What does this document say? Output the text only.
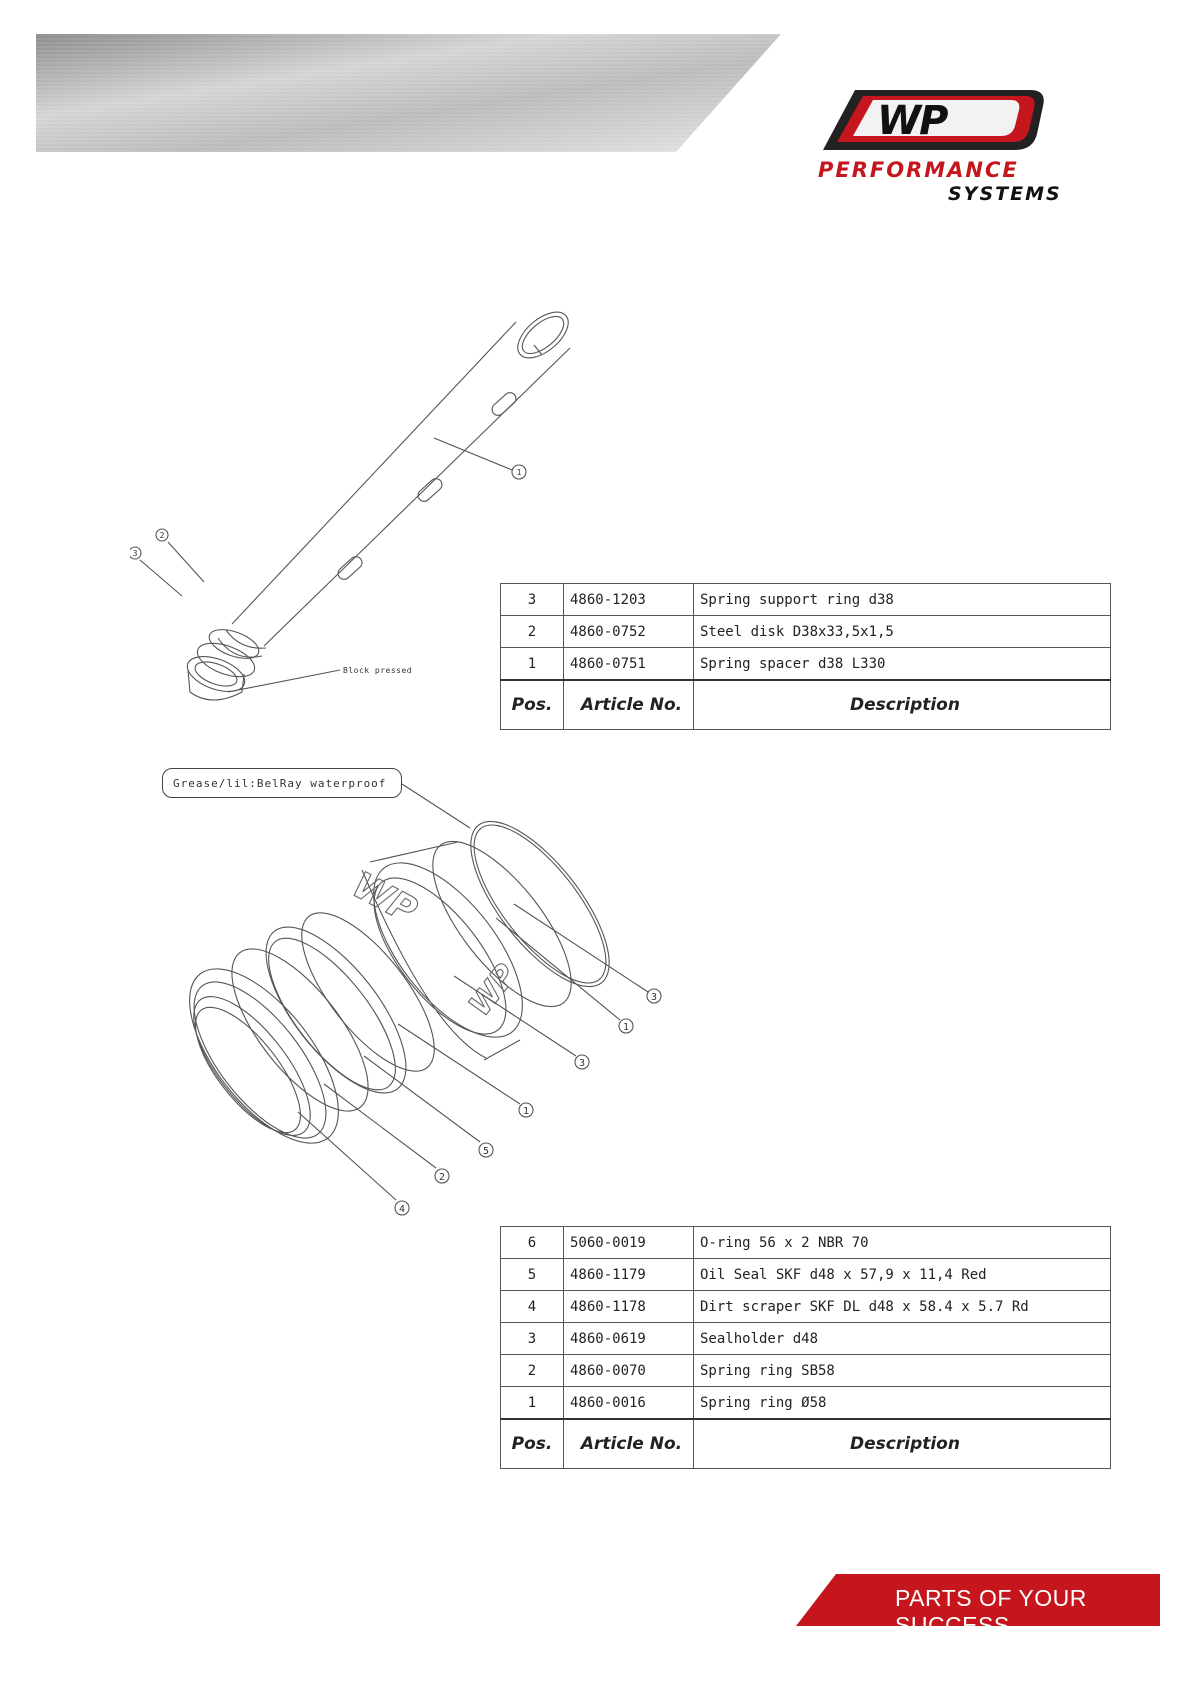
WP
PERFORMANCE
SYSTEMS
1
2
3
Block pressed
3	4860-1203	Spring support ring d38
2	4860-0752	Steel disk D38x33,5x1,5
1	4860-0751	Spring spacer d38 L330
Pos.	Article No.	Description
Grease/lil:BelRay waterproof
WP
WP	3
1
3
1
5
2
4
6	5060-0019	O-ring 56 x 2 NBR 70
5	4860-1179	Oil Seal SKF d48 x 57,9 x 11,4 Red
4	4860-1178	Dirt scraper SKF DL d48 x 58.4 x 5.7 Rd
3	4860-0619	Sealholder d48
2	4860-0070	Spring ring SB58
1	4860-0016	Spring ring Ø58
Pos.	Article No.	Description
PARTS OF YOUR SUCCESS
